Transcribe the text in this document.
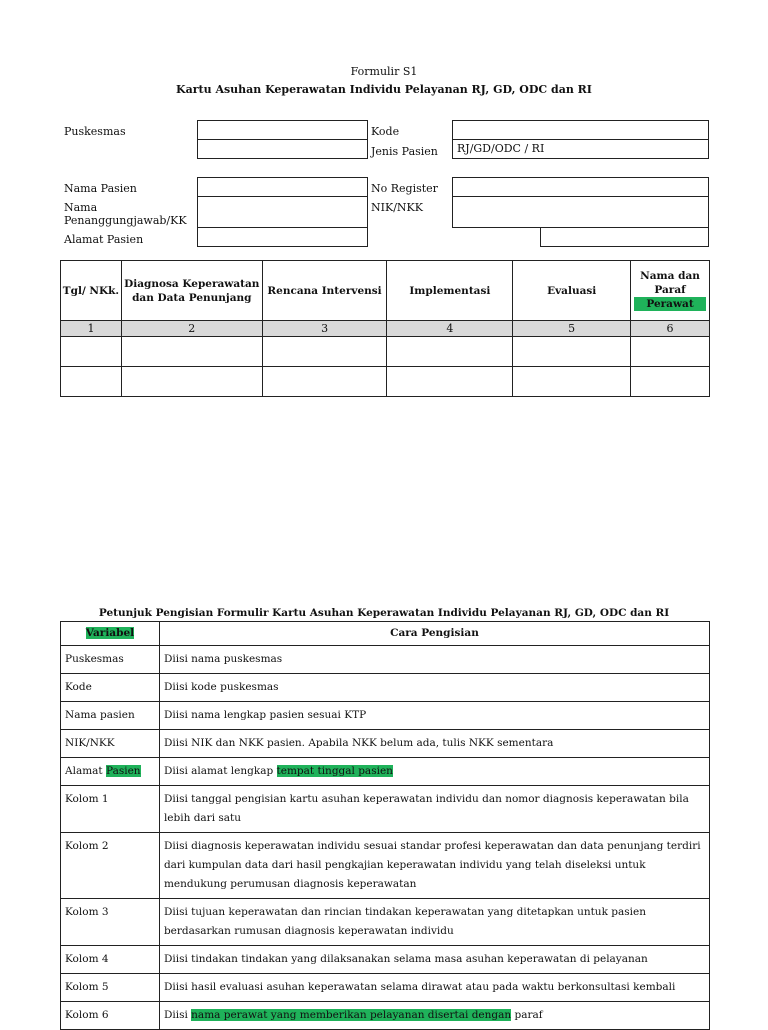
Formulir S1
Kartu Asuhan Keperawatan Individu Pelayanan RJ, GD, ODC dan RI
Puskesmas	Kode
Jenis Pasien	RJ/GD/ODC / RI
Nama Pasien	No Register
Nama
Penanggungjawab/KK
NIK/NKK
Alamat Pasien
Tgl/ NKk.	Diagnosa Keperawatan dan Data Penunjang	Rencana Intervensi	Implementasi	Evaluasi	Nama dan
Paraf
Perawat

1	2	3	4	5	6

Petunjuk Pengisian Formulir Kartu Asuhan Keperawatan Individu Pelayanan RJ, GD, ODC dan RI
Variabel	Cara Pengisian
Puskesmas	Diisi nama puskesmas
Kode	Diisi kode puskesmas
Nama pasien	Diisi nama lengkap pasien sesuai KTP
NIK/NKK	Diisi NIK dan NKK pasien. Apabila NKK belum ada, tulis NKK sementara
Alamat Pasien	Diisi alamat lengkap tempat tinggal pasien
Kolom 1	Diisi tanggal pengisian kartu asuhan keperawatan individu dan nomor diagnosis keperawatan bila lebih dari satu
Kolom 2	Diisi diagnosis keperawatan individu sesuai standar profesi keperawatan dan data penunjang terdiri dari kumpulan data dari hasil pengkajian keperawatan individu yang telah diseleksi untuk mendukung perumusan diagnosis keperawatan
Kolom 3	Diisi tujuan keperawatan dan rincian tindakan keperawatan yang ditetapkan untuk pasien berdasarkan rumusan diagnosis keperawatan individu
Kolom 4	Diisi tindakan tindakan yang dilaksanakan selama masa asuhan keperawatan di pelayanan
Kolom 5	Diisi hasil evaluasi asuhan keperawatan selama dirawat atau pada waktu berkonsultasi kembali
Kolom 6	Diisi nama perawat yang memberikan pelayanan disertai dengan paraf
